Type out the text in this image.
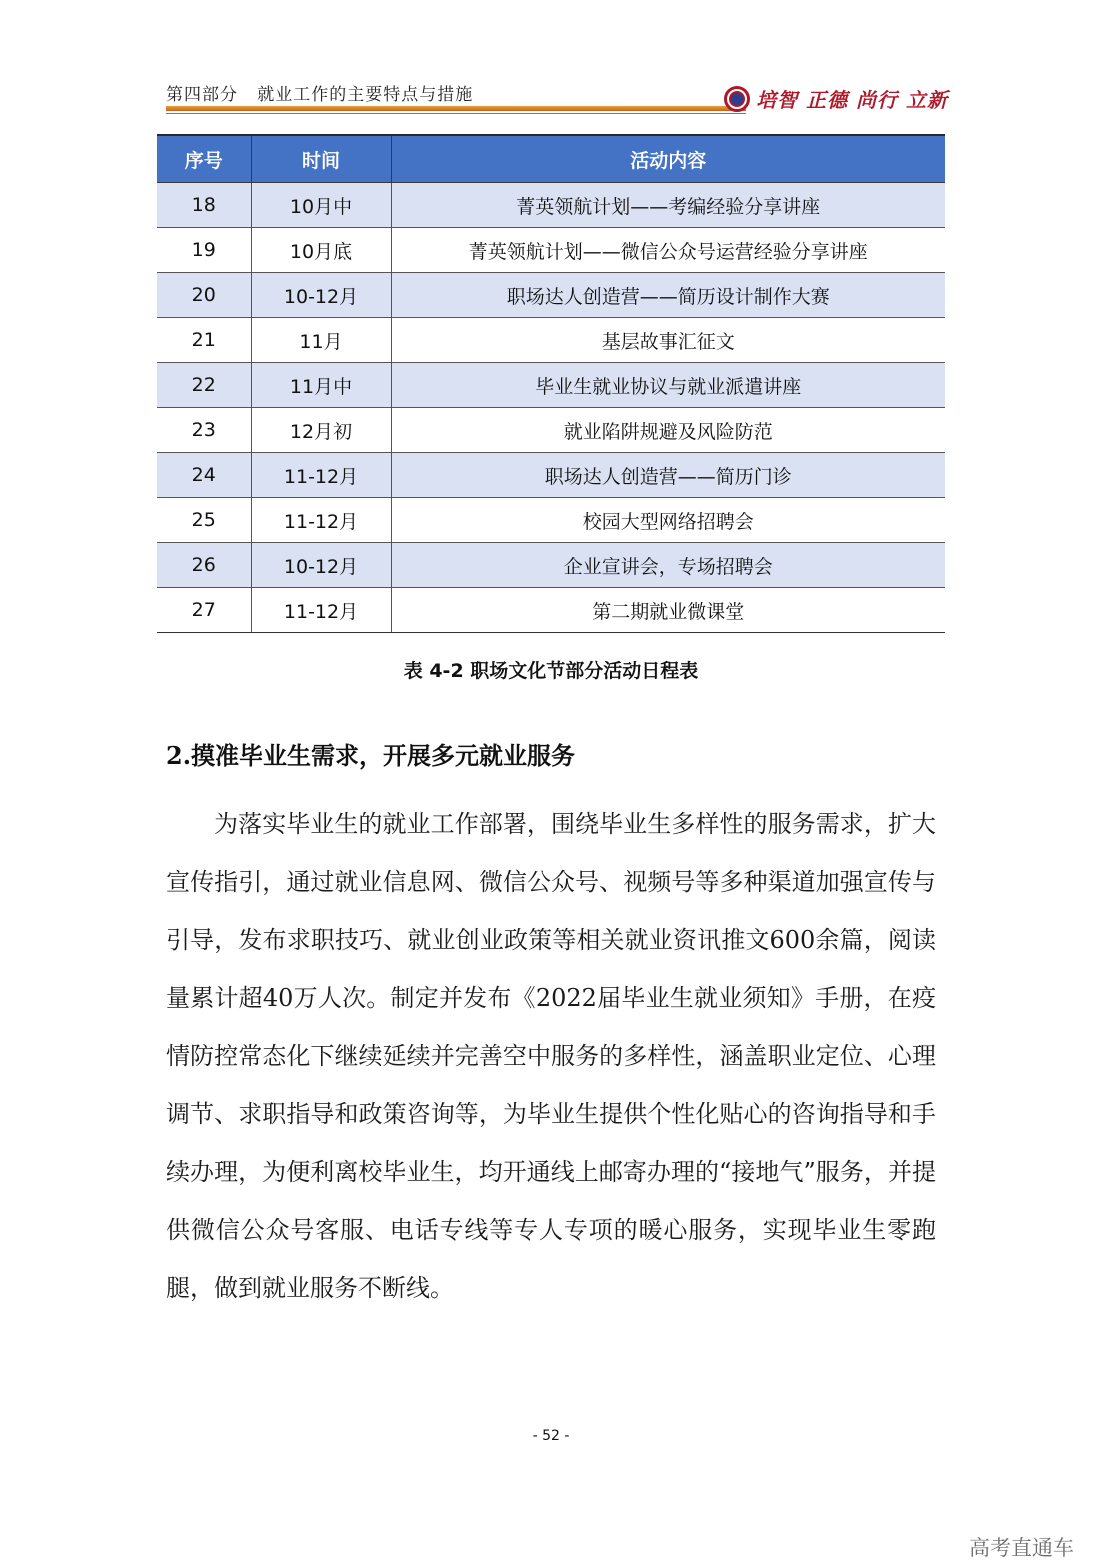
第四部分   就业工作的主要特点与措施	培智 正德 尚行 立新
序号	时间	活动内容
18	10月中	菁英领航计划——考编经验分享讲座
19	10月底	菁英领航计划——微信公众号运营经验分享讲座
20	10-12月	职场达人创造营——简历设计制作大赛
21	11月	基层故事汇征文
22	11月中	毕业生就业协议与就业派遣讲座
23	12月初	就业陷阱规避及风险防范
24	11-12月	职场达人创造营——简历门诊
25	11-12月	校园大型网络招聘会
26	10-12月	企业宣讲会，专场招聘会
27	11-12月	第二期就业微课堂
表 4-2 职场文化节部分活动日程表
2.摸准毕业生需求，开展多元就业服务
为落实毕业生的就业工作部署，围绕毕业生多样性的服务需求，扩大宣传指引，通过就业信息网、微信公众号、视频号等多种渠道加强宣传与引导，发布求职技巧、就业创业政策等相关就业资讯推文600余篇，阅读量累计超40万人次。制定并发布《2022届毕业生就业须知》手册，在疫情防控常态化下继续延续并完善空中服务的多样性，涵盖职业定位、心理调节、求职指导和政策咨询等，为毕业生提供个性化贴心的咨询指导和手续办理，为便利离校毕业生，均开通线上邮寄办理的“接地气”服务，并提供微信公众号客服、电话专线等专人专项的暖心服务，实现毕业生零跑腿，做到就业服务不断线。
- 52 -
高考直通车
